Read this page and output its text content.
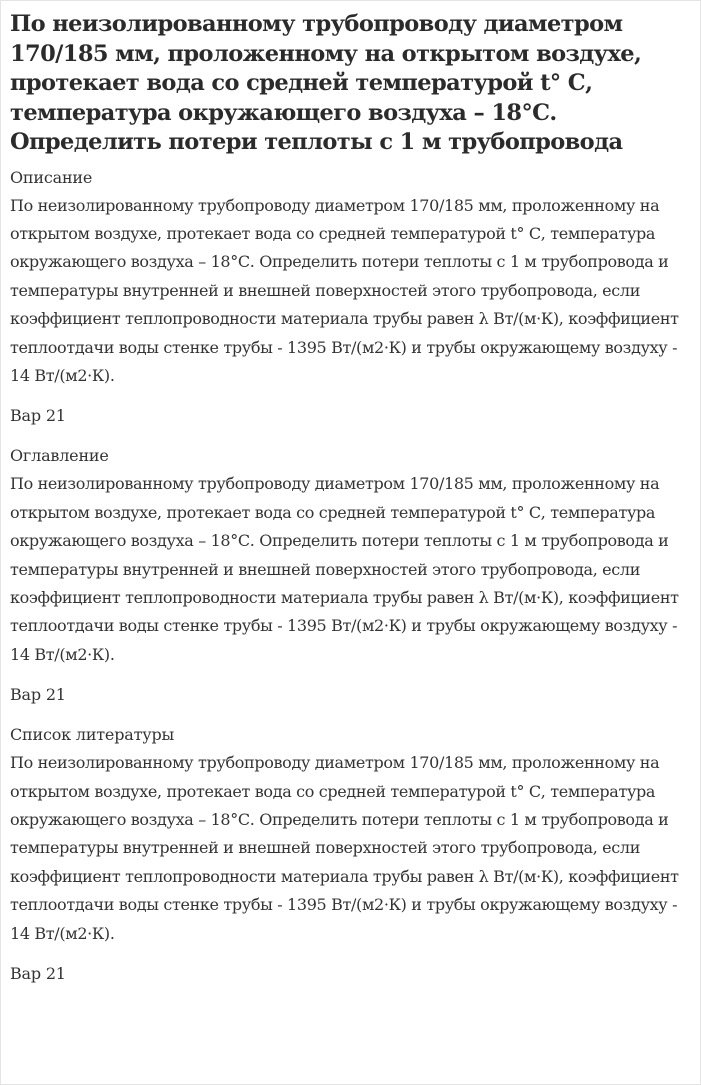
По неизолированному трубопроводу диаметром 170/185 мм, проложенному на открытом воздухе, протекает вода со средней температурой t° С, температура окружающего воздуха – 18°С. Определить потери теплоты с 1 м трубопровода
Описание

По неизолированному трубопроводу диаметром 170/185 мм, проложенному на открытом воздухе, протекает вода со средней температурой t° С, температура окружающего воздуха – 18°С. Определить потери теплоты с 1 м трубопровода и температуры внутренней и внешней поверхностей этого трубопровода, если коэффициент теплопроводности материала трубы равен λ Вт/(м·К), коэффициент теплоотдачи воды стенке трубы - 1395 Вт/(м2·К) и трубы окружающему воздуху - 14 Вт/(м2·К).

Вар 21
Оглавление

По неизолированному трубопроводу диаметром 170/185 мм, проложенному на открытом воздухе, протекает вода со средней температурой t° С, температура окружающего воздуха – 18°С. Определить потери теплоты с 1 м трубопровода и температуры внутренней и внешней поверхностей этого трубопровода, если коэффициент теплопроводности материала трубы равен λ Вт/(м·К), коэффициент теплоотдачи воды стенке трубы - 1395 Вт/(м2·К) и трубы окружающему воздуху - 14 Вт/(м2·К).

Вар 21
Список литературы

По неизолированному трубопроводу диаметром 170/185 мм, проложенному на открытом воздухе, протекает вода со средней температурой t° С, температура окружающего воздуха – 18°С. Определить потери теплоты с 1 м трубопровода и температуры внутренней и внешней поверхностей этого трубопровода, если коэффициент теплопроводности материала трубы равен λ Вт/(м·К), коэффициент теплоотдачи воды стенке трубы - 1395 Вт/(м2·К) и трубы окружающему воздуху - 14 Вт/(м2·К).

Вар 21
